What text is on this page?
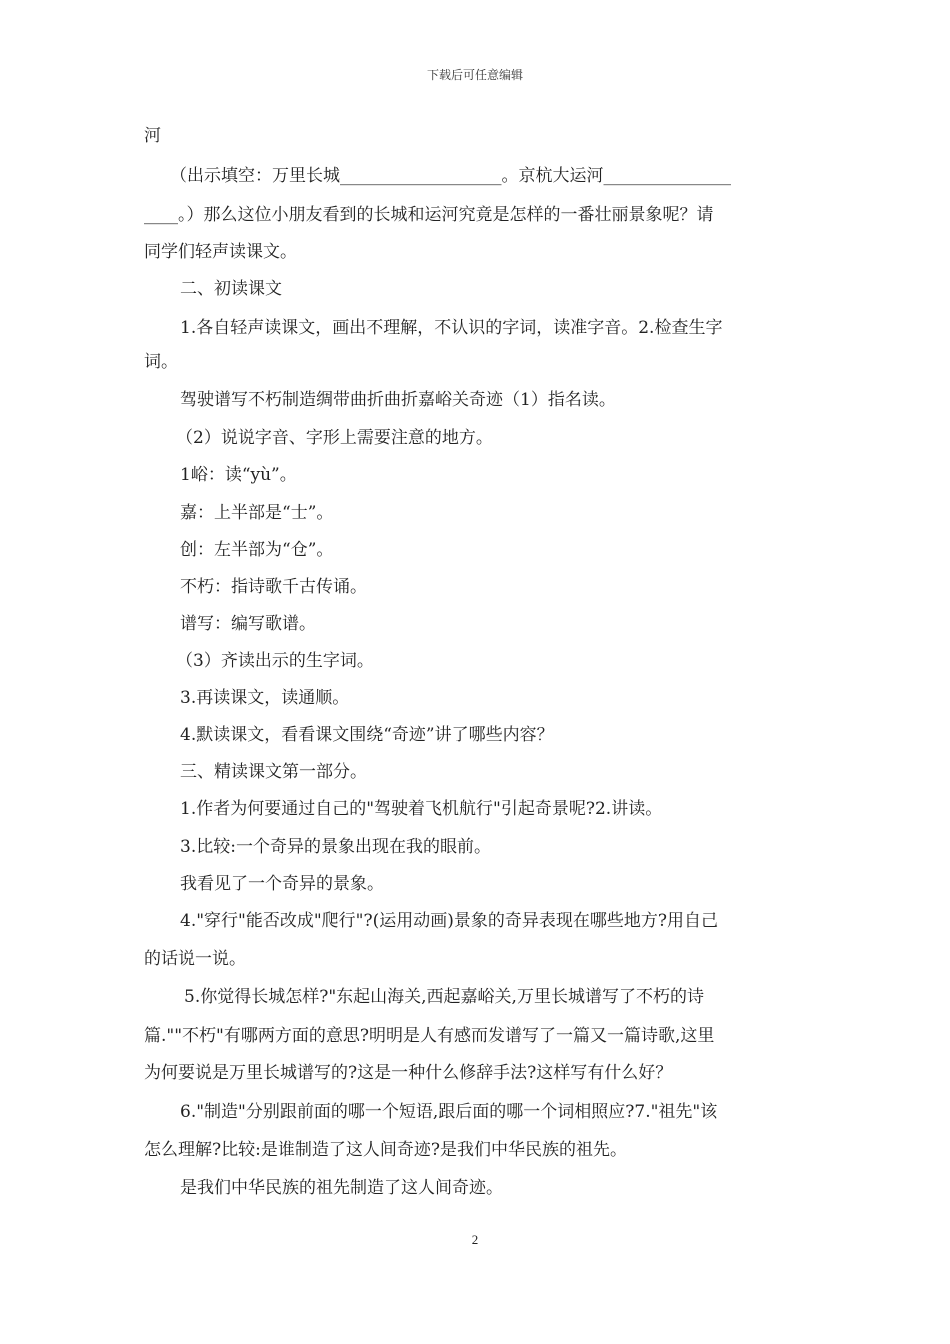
下载后可任意编辑

河

（出示填空：万里长城___________________。京杭大运河_______________

____。）那么这位小朋友看到的长城和运河究竟是怎样的一番壮丽景象呢？请

同学们轻声读课文。

二、初读课文

1.各自轻声读课文，画出不理解，不认识的字词，读准字音。2.检查生字

词。

驾驶谱写不朽制造绸带曲折曲折嘉峪关奇迹（1）指名读。

（2）说说字音、字形上需要注意的地方。

1峪：读“yù”。

嘉：上半部是“士”。

创：左半部为“仓”。

不朽：指诗歌千古传诵。

谱写：编写歌谱。

（3）齐读出示的生字词。

3.再读课文，读通顺。

4.默读课文，看看课文围绕“奇迹”讲了哪些内容？

三、精读课文第一部分。

1.作者为何要通过自己的"驾驶着飞机航行"引起奇景呢?2.讲读。

3.比较:一个奇异的景象出现在我的眼前。

我看见了一个奇异的景象。

4."穿行"能否改成"爬行"?(运用动画)景象的奇异表现在哪些地方?用自己

的话说一说。

5.你觉得长城怎样?"东起山海关,西起嘉峪关,万里长城谱写了不朽的诗

篇.""不朽"有哪两方面的意思?明明是人有感而发谱写了一篇又一篇诗歌,这里

为何要说是万里长城谱写的?这是一种什么修辞手法?这样写有什么好？

6."制造"分别跟前面的哪一个短语,跟后面的哪一个词相照应?7."祖先"该

怎么理解?比较:是谁制造了这人间奇迹?是我们中华民族的祖先。

是我们中华民族的祖先制造了这人间奇迹。

2
